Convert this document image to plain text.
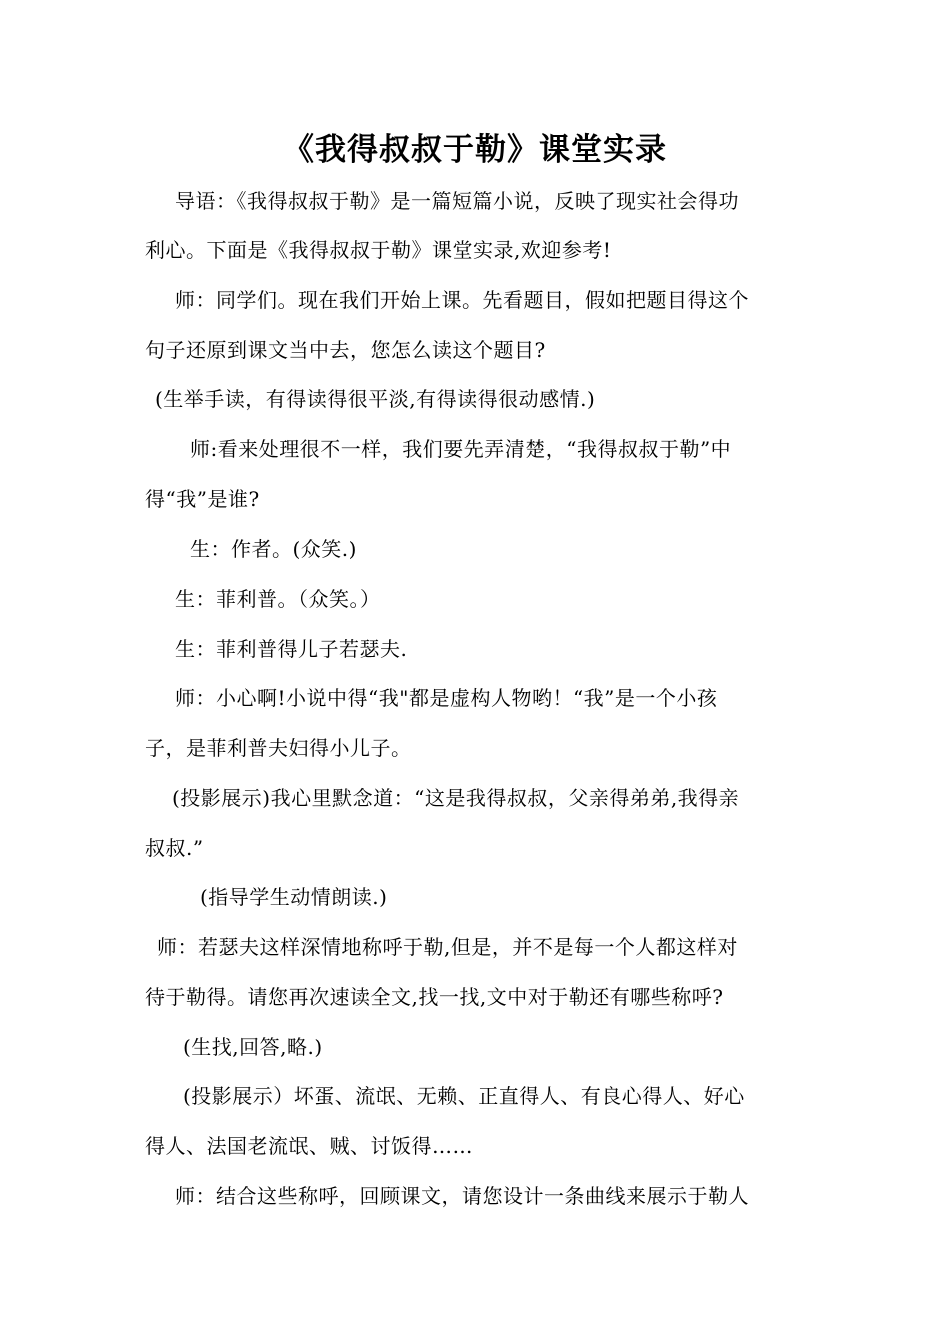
《我得叔叔于勒》课堂实录
导语：《我得叔叔于勒》是一篇短篇小说，反映了现实社会得功
利心。下面是《我得叔叔于勒》课堂实录,欢迎参考!
师：同学们。现在我们开始上课。先看题目，假如把题目得这个
句子还原到课文当中去，您怎么读这个题目?
(生举手读，有得读得很平淡,有得读得很动感情.)
师:看来处理很不一样，我们要先弄清楚，“我得叔叔于勒”中
得“我”是谁?
生：作者。(众笑.)
生：菲利普。（众笑。）
生：菲利普得儿子若瑟夫.
师：小心啊!小说中得“我"都是虚构人物哟！“我”是一个小孩
子，是菲利普夫妇得小儿子。
(投影展示)我心里默念道：“这是我得叔叔，父亲得弟弟,我得亲
叔叔.”
(指导学生动情朗读.)
师：若瑟夫这样深情地称呼于勒,但是，并不是每一个人都这样对
待于勒得。请您再次速读全文,找一找,文中对于勒还有哪些称呼?
(生找,回答,略.)
(投影展示）坏蛋、流氓、无赖、正直得人、有良心得人、好心
得人、法国老流氓、贼、讨饭得……
师：结合这些称呼，回顾课文，请您设计一条曲线来展示于勒人
